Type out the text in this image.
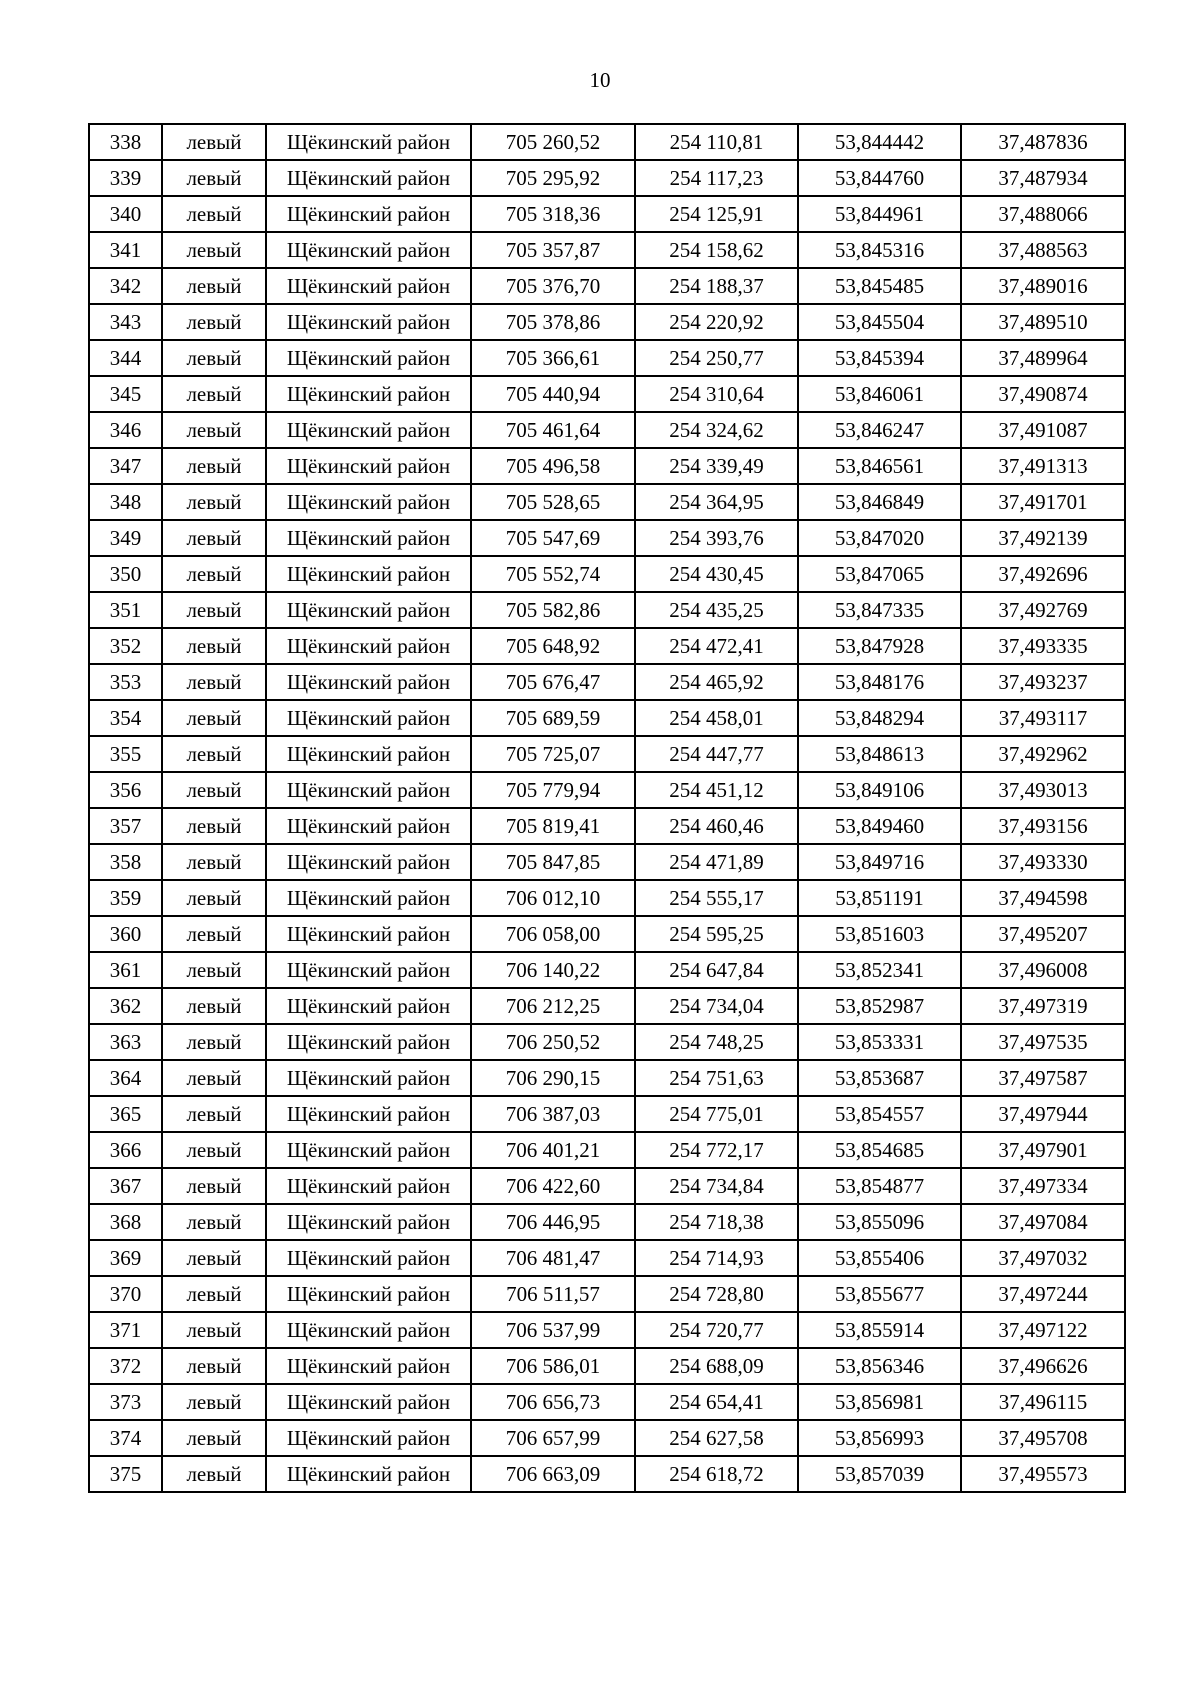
10
338	левый	Щёкинский район	705 260,52	254 110,81	53,844442	37,487836
339	левый	Щёкинский район	705 295,92	254 117,23	53,844760	37,487934
340	левый	Щёкинский район	705 318,36	254 125,91	53,844961	37,488066
341	левый	Щёкинский район	705 357,87	254 158,62	53,845316	37,488563
342	левый	Щёкинский район	705 376,70	254 188,37	53,845485	37,489016
343	левый	Щёкинский район	705 378,86	254 220,92	53,845504	37,489510
344	левый	Щёкинский район	705 366,61	254 250,77	53,845394	37,489964
345	левый	Щёкинский район	705 440,94	254 310,64	53,846061	37,490874
346	левый	Щёкинский район	705 461,64	254 324,62	53,846247	37,491087
347	левый	Щёкинский район	705 496,58	254 339,49	53,846561	37,491313
348	левый	Щёкинский район	705 528,65	254 364,95	53,846849	37,491701
349	левый	Щёкинский район	705 547,69	254 393,76	53,847020	37,492139
350	левый	Щёкинский район	705 552,74	254 430,45	53,847065	37,492696
351	левый	Щёкинский район	705 582,86	254 435,25	53,847335	37,492769
352	левый	Щёкинский район	705 648,92	254 472,41	53,847928	37,493335
353	левый	Щёкинский район	705 676,47	254 465,92	53,848176	37,493237
354	левый	Щёкинский район	705 689,59	254 458,01	53,848294	37,493117
355	левый	Щёкинский район	705 725,07	254 447,77	53,848613	37,492962
356	левый	Щёкинский район	705 779,94	254 451,12	53,849106	37,493013
357	левый	Щёкинский район	705 819,41	254 460,46	53,849460	37,493156
358	левый	Щёкинский район	705 847,85	254 471,89	53,849716	37,493330
359	левый	Щёкинский район	706 012,10	254 555,17	53,851191	37,494598
360	левый	Щёкинский район	706 058,00	254 595,25	53,851603	37,495207
361	левый	Щёкинский район	706 140,22	254 647,84	53,852341	37,496008
362	левый	Щёкинский район	706 212,25	254 734,04	53,852987	37,497319
363	левый	Щёкинский район	706 250,52	254 748,25	53,853331	37,497535
364	левый	Щёкинский район	706 290,15	254 751,63	53,853687	37,497587
365	левый	Щёкинский район	706 387,03	254 775,01	53,854557	37,497944
366	левый	Щёкинский район	706 401,21	254 772,17	53,854685	37,497901
367	левый	Щёкинский район	706 422,60	254 734,84	53,854877	37,497334
368	левый	Щёкинский район	706 446,95	254 718,38	53,855096	37,497084
369	левый	Щёкинский район	706 481,47	254 714,93	53,855406	37,497032
370	левый	Щёкинский район	706 511,57	254 728,80	53,855677	37,497244
371	левый	Щёкинский район	706 537,99	254 720,77	53,855914	37,497122
372	левый	Щёкинский район	706 586,01	254 688,09	53,856346	37,496626
373	левый	Щёкинский район	706 656,73	254 654,41	53,856981	37,496115
374	левый	Щёкинский район	706 657,99	254 627,58	53,856993	37,495708
375	левый	Щёкинский район	706 663,09	254 618,72	53,857039	37,495573
